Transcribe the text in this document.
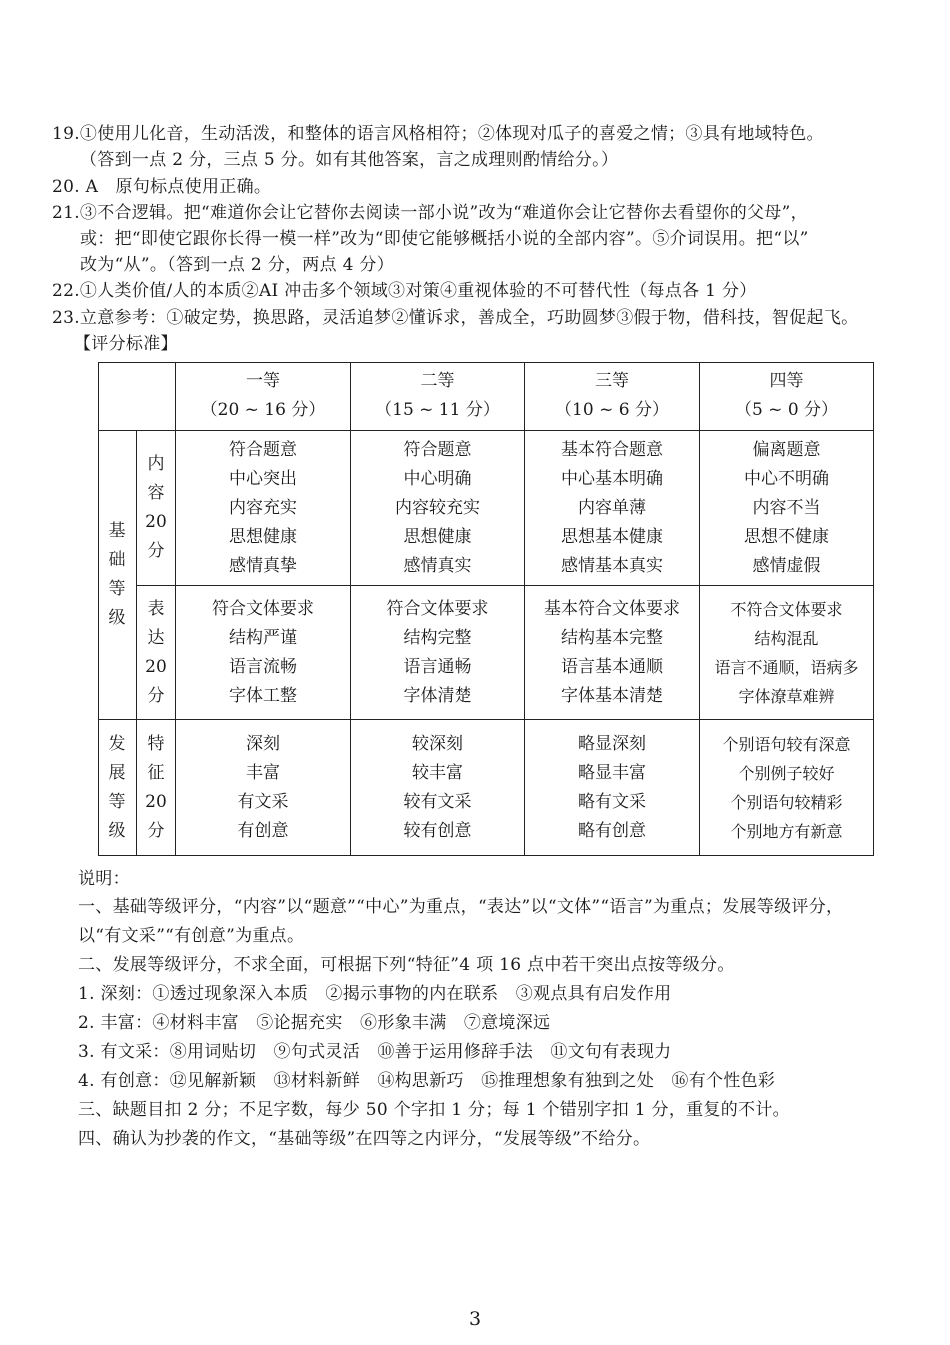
19.①使用儿化音，生动活泼，和整体的语言风格相符；②体现对瓜子的喜爱之情；③具有地域特色。
（答到一点 2 分，三点 5 分。如有其他答案，言之成理则酌情给分。）
20. A　原句标点使用正确。
21.③不合逻辑。把“难道你会让它替你去阅读一部小说”改为“难道你会让它替你去看望你的父母”，
或：把“即使它跟你长得一模一样”改为“即使它能够概括小说的全部内容”。⑤介词误用。把“以”
改为“从”。（答到一点 2 分，两点 4 分）
22.①人类价值/人的本质②AI 冲击多个领域③对策④重视体验的不可替代性（每点各 1 分）
23.立意参考：①破定势，换思路，灵活追梦②懂诉求，善成全，巧助圆梦③假于物，借科技，智促起飞。
【评分标准】
一等
（20 ~ 16 分）
二等
（15 ~ 11 分）
三等
（10 ~ 6 分）
四等
（5 ~ 0 分）
基
础
等
级
内
容
20
分
表
达
20
分
发
展
等
级
特
征
20
分
符合题意
中心突出
内容充实
思想健康
感情真挚
符合题意
中心明确
内容较充实
思想健康
感情真实
基本符合题意
中心基本明确
内容单薄
思想基本健康
感情基本真实
偏离题意
中心不明确
内容不当
思想不健康
感情虚假
符合文体要求
结构严谨
语言流畅
字体工整
符合文体要求
结构完整
语言通畅
字体清楚
基本符合文体要求
结构基本完整
语言基本通顺
字体基本清楚
不符合文体要求
结构混乱
语言不通顺，语病多
字体潦草难辨
深刻
丰富
有文采
有创意
较深刻
较丰富
较有文采
较有创意
略显深刻
略显丰富
略有文采
略有创意
个别语句较有深意
个别例子较好
个别语句较精彩
个别地方有新意
说明：
一、基础等级评分，“内容”以“题意”“中心”为重点，“表达”以“文体”“语言”为重点；发展等级评分，
以“有文采”“有创意”为重点。
二、发展等级评分，不求全面，可根据下列“特征”4 项 16 点中若干突出点按等级分。
1. 深刻：①透过现象深入本质　②揭示事物的内在联系　③观点具有启发作用
2. 丰富：④材料丰富　⑤论据充实　⑥形象丰满　⑦意境深远
3. 有文采：⑧用词贴切　⑨句式灵活　⑩善于运用修辞手法　⑪文句有表现力
4. 有创意：⑫见解新颖　⑬材料新鲜　⑭构思新巧　⑮推理想象有独到之处　⑯有个性色彩
三、缺题目扣 2 分；不足字数，每少 50 个字扣 1 分；每 1 个错别字扣 1 分，重复的不计。
四、确认为抄袭的作文，“基础等级”在四等之内评分，“发展等级”不给分。
3
